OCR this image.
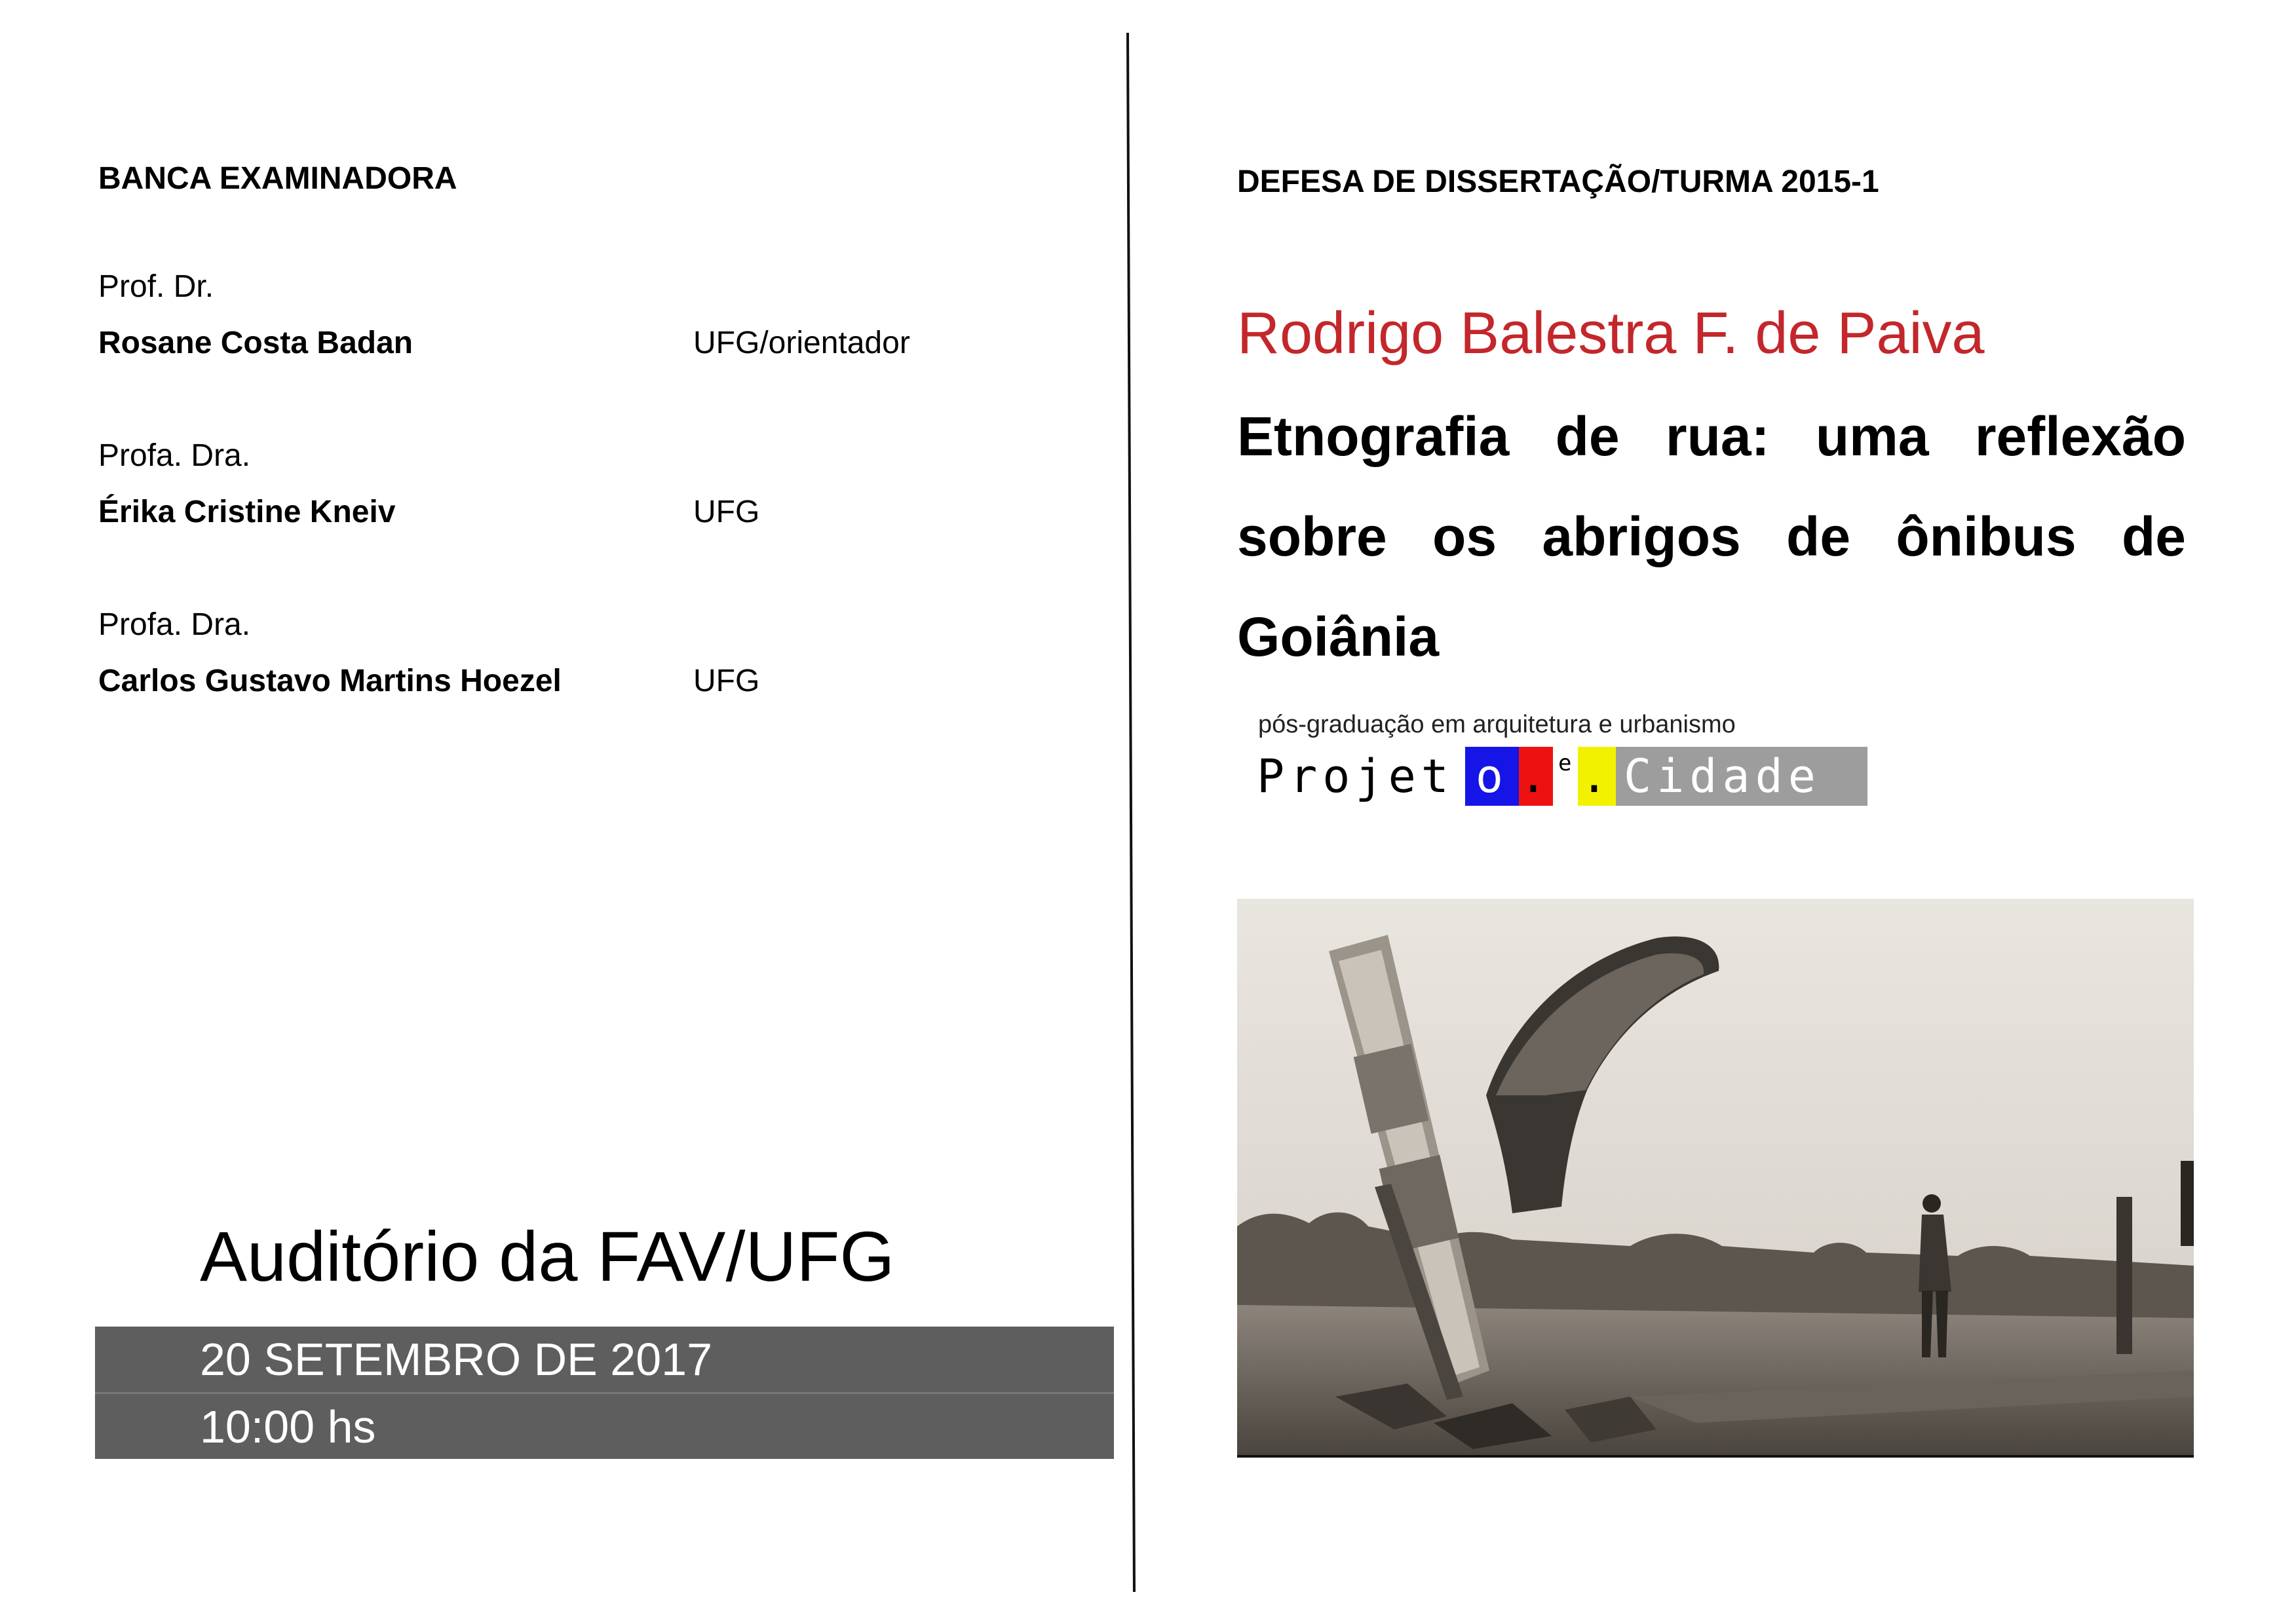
BANCA EXAMINADORA
Prof. Dr.
Rosane Costa Badan	UFG/orientador
Profa. Dra.
Érika Cristine Kneiv	UFG
Profa. Dra.
Carlos Gustavo Martins Hoezel	UFG
Auditório da FAV/UFG
20 SETEMBRO DE 2017
10:00 hs
DEFESA DE DISSERTAÇÃO/TURMA 2015-1
Rodrigo Balestra F. de Paiva
Etnografia de rua: uma reflexão sobre os abrigos de ônibus de Goiânia
pós-graduação em arquitetura e urbanismo
Projet o . e . Cidade
